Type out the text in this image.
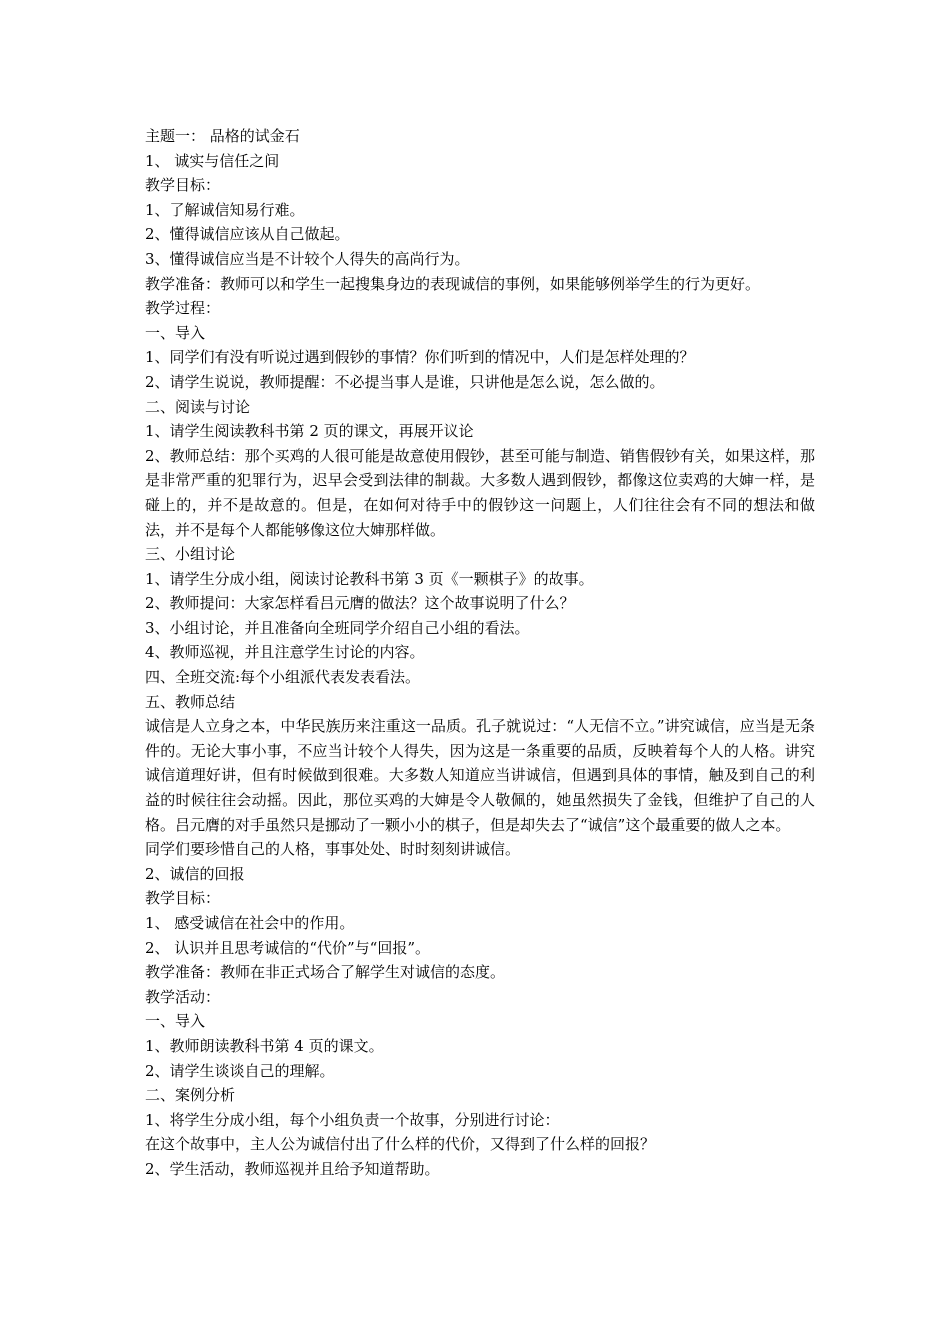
主题一： 品格的试金石
1、 诚实与信任之间
教学目标：
1、了解诚信知易行难。
2、懂得诚信应该从自己做起。
3、懂得诚信应当是不计较个人得失的高尚行为。
教学准备：教师可以和学生一起搜集身边的表现诚信的事例，如果能够例举学生的行为更好。
教学过程：
一、导入
1、同学们有没有听说过遇到假钞的事情？你们听到的情况中，人们是怎样处理的？
2、请学生说说，教师提醒：不必提当事人是谁，只讲他是怎么说，怎么做的。
二、阅读与讨论
1、请学生阅读教科书第 2 页的课文，再展开议论
2、教师总结：那个买鸡的人很可能是故意使用假钞，甚至可能与制造、销售假钞有关，如果这样，那是非常严重的犯罪行为，迟早会受到法律的制裁。大多数人遇到假钞，都像这位卖鸡的大婶一样，是碰上的，并不是故意的。但是，在如何对待手中的假钞这一问题上，人们往往会有不同的想法和做法，并不是每个人都能够像这位大婶那样做。
三、小组讨论
1、请学生分成小组，阅读讨论教科书第 3 页《一颗棋子》的故事。
2、教师提问：大家怎样看吕元膺的做法？这个故事说明了什么？
3、小组讨论，并且准备向全班同学介绍自己小组的看法。
4、教师巡视，并且注意学生讨论的内容。
四、全班交流:每个小组派代表发表看法。
五、教师总结
诚信是人立身之本，中华民族历来注重这一品质。孔子就说过：“人无信不立。”讲究诚信，应当是无条件的。无论大事小事，不应当计较个人得失，因为这是一条重要的品质，反映着每个人的人格。讲究诚信道理好讲，但有时候做到很难。大多数人知道应当讲诚信，但遇到具体的事情，触及到自己的利益的时候往往会动摇。因此，那位买鸡的大婶是令人敬佩的，她虽然损失了金钱，但维护了自己的人格。吕元膺的对手虽然只是挪动了一颗小小的棋子，但是却失去了“诚信”这个最重要的做人之本。
同学们要珍惜自己的人格，事事处处、时时刻刻讲诚信。
2、诚信的回报
教学目标：
1、 感受诚信在社会中的作用。
2、 认识并且思考诚信的“代价”与“回报”。
教学准备：教师在非正式场合了解学生对诚信的态度。
教学活动：
一、导入
1、教师朗读教科书第 4 页的课文。
2、请学生谈谈自己的理解。
二、案例分析
1、将学生分成小组，每个小组负责一个故事，分别进行讨论：
在这个故事中，主人公为诚信付出了什么样的代价，又得到了什么样的回报？
2、学生活动，教师巡视并且给予知道帮助。
